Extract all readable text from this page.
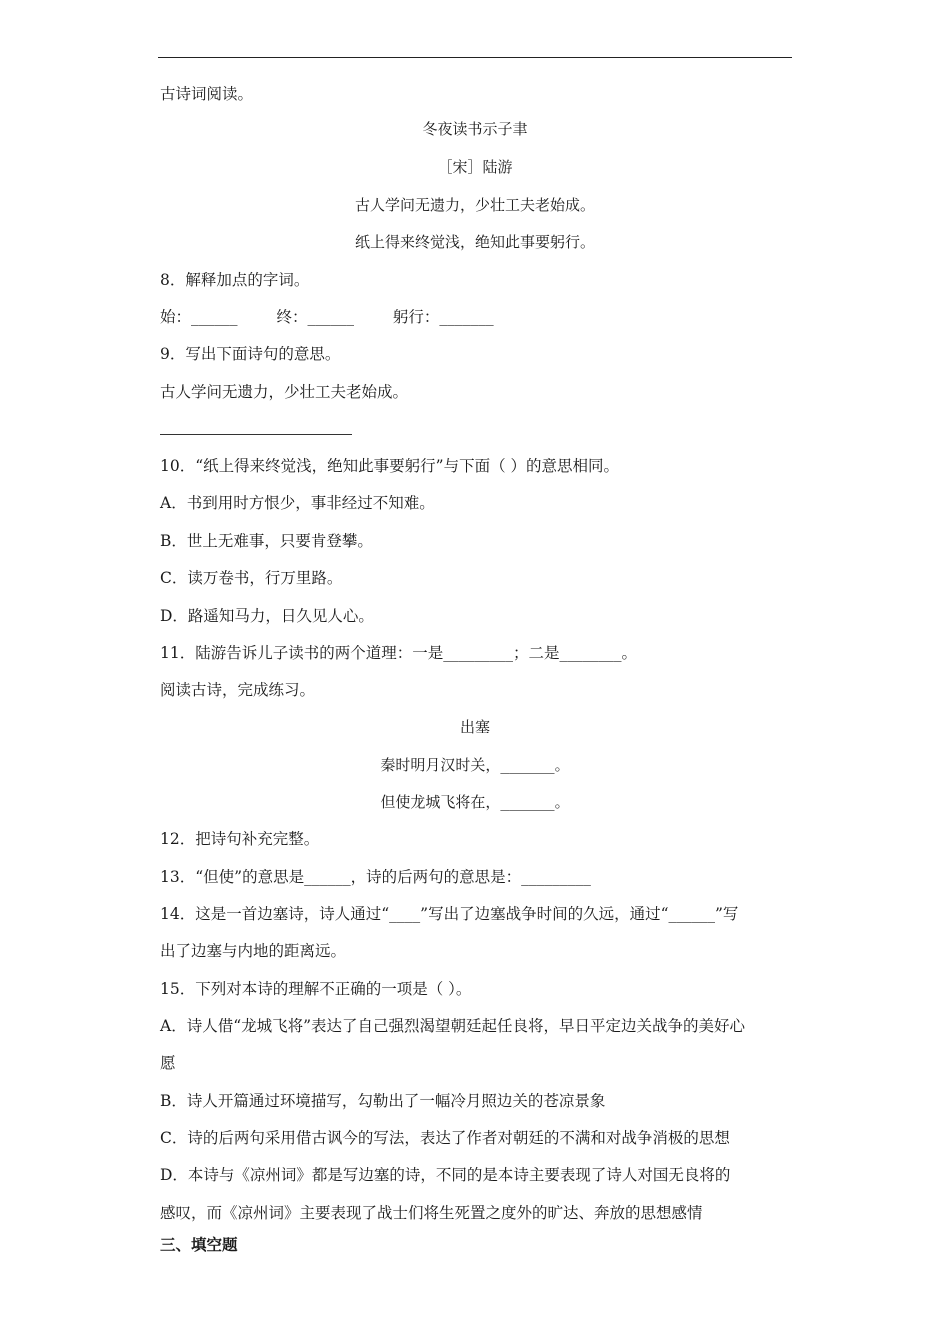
古诗词阅读。
冬夜读书示子聿
［宋］陆游
古人学问无遗力，少壮工夫老始成。
纸上得来终觉浅，绝知此事要躬行。
8．解释加点的字词。
始：______	终：______	躬行：_______
9．写出下面诗句的意思。
古人学问无遗力，少壮工夫老始成。
10．“纸上得来终觉浅，绝知此事要躬行”与下面（ ）的意思相同。
A．书到用时方恨少，事非经过不知难。
B．世上无难事，只要肯登攀。
C．读万卷书，行万里路。
D．路遥知马力，日久见人心。
11．陆游告诉儿子读书的两个道理：一是_________；二是________。
阅读古诗，完成练习。
出塞
秦时明月汉时关，______。
但使龙城飞将在，______。
12．把诗句补充完整。
13．“但使”的意思是______，诗的后两句的意思是：_________
14．这是一首边塞诗，诗人通过“____”写出了边塞战争时间的久远，通过“______”写
出了边塞与内地的距离远。
15．下列对本诗的理解不正确的一项是（ ）。
A．诗人借“龙城飞将”表达了自己强烈渴望朝廷起任良将，早日平定边关战争的美好心
愿
B．诗人开篇通过环境描写，勾勒出了一幅冷月照边关的苍凉景象
C．诗的后两句采用借古讽今的写法，表达了作者对朝廷的不满和对战争消极的思想
D．本诗与《凉州词》都是写边塞的诗，不同的是本诗主要表现了诗人对国无良将的
感叹，而《凉州词》主要表现了战士们将生死置之度外的旷达、奔放的思想感情
三、填空题
